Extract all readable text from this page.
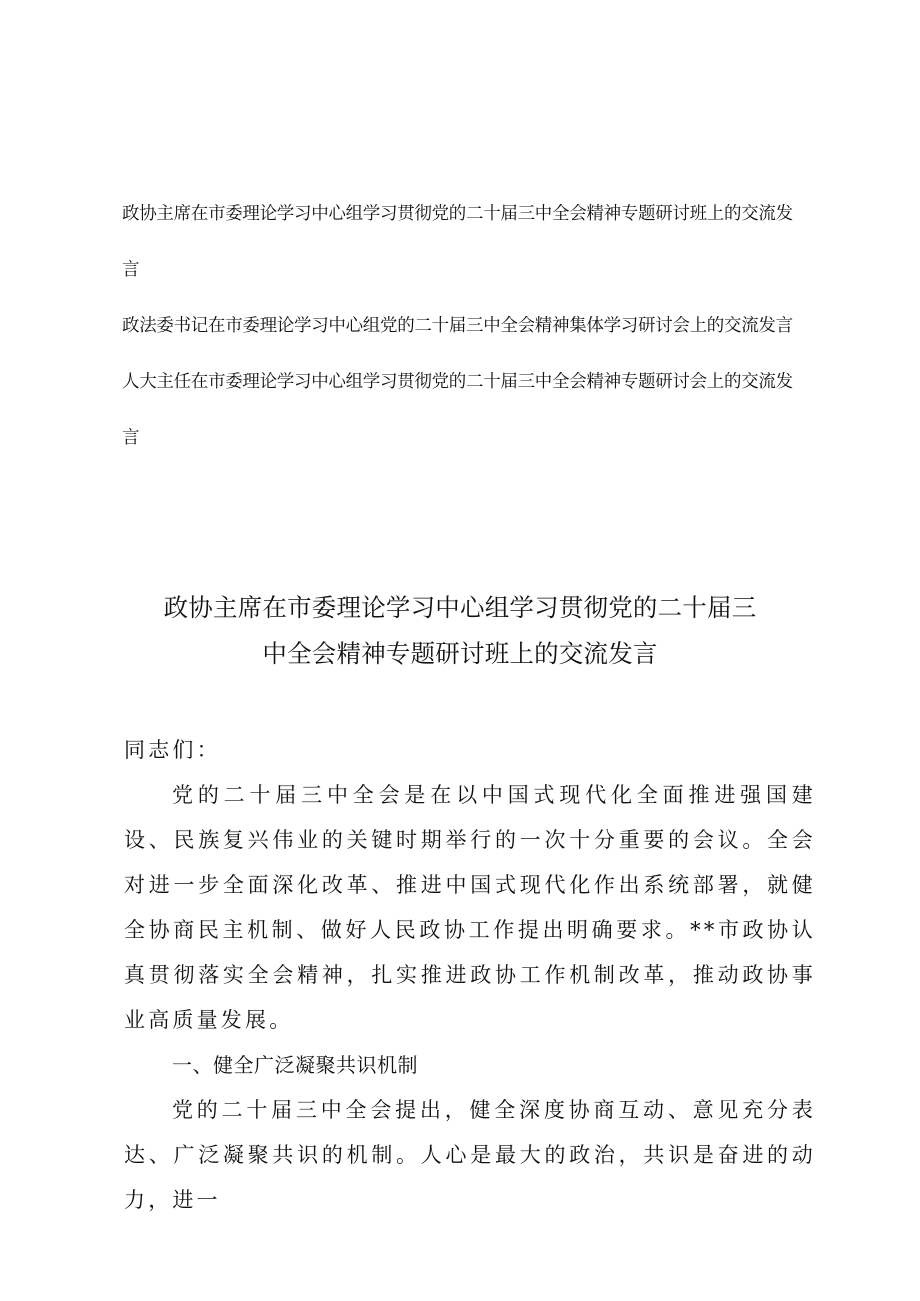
政协主席在市委理论学习中心组学习贯彻党的二十届三中全会精神专题研讨班上的交流发言

政法委书记在市委理论学习中心组党的二十届三中全会精神集体学习研讨会上的交流发言

人大主任在市委理论学习中心组学习贯彻党的二十届三中全会精神专题研讨会上的交流发言

政协主席在市委理论学习中心组学习贯彻党的二十届三
中全会精神专题研讨班上的交流发言

同志们：

党的二十届三中全会是在以中国式现代化全面推进强国建设、民族复兴伟业的关键时期举行的一次十分重要的会议。全会对进一步全面深化改革、推进中国式现代化作出系统部署，就健全协商民主机制、做好人民政协工作提出明确要求。**市政协认真贯彻落实全会精神，扎实推进政协工作机制改革，推动政协事业高质量发展。

一、健全广泛凝聚共识机制

党的二十届三中全会提出，健全深度协商互动、意见充分表达、广泛凝聚共识的机制。人心是最大的政治，共识是奋进的动力，进一
